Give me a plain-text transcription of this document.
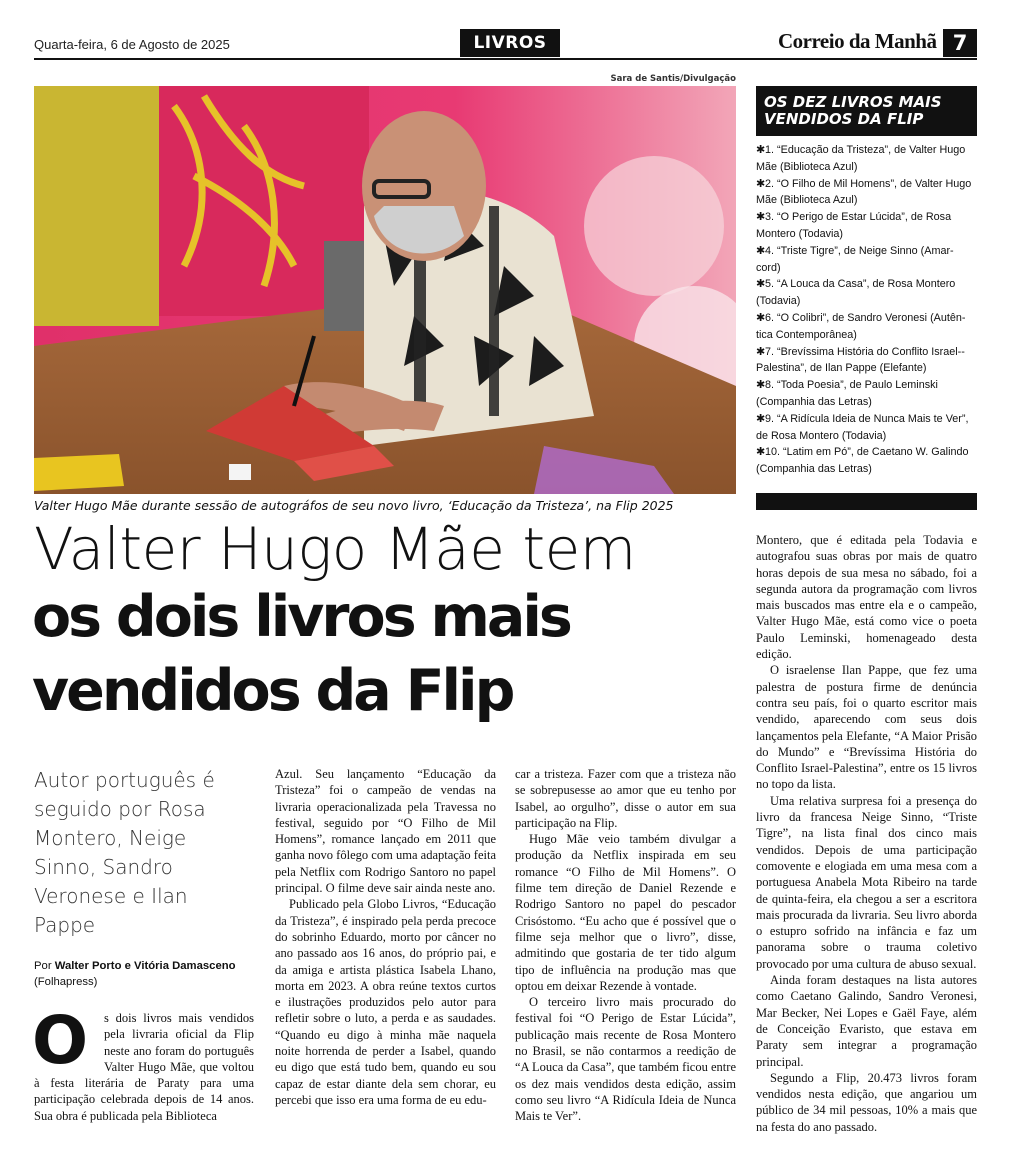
Quarta-feira, 6 de Agosto de 2025	LIVROS	Correio da Manhã 7
Sara de Santis/Divulgação
Valter Hugo Mãe durante sessão de autográfos de seu novo livro, ‘Educação da Tristeza’, na Flip 2025
OS DEZ LIVROS MAIS VENDIDOS DA FLIP
✱1. “Educação da Tristeza”, de Valter Hugo Mãe (Biblioteca Azul)
✱2. “O Filho de Mil Homens”, de Valter Hugo Mãe (Biblioteca Azul)
✱3. “O Perigo de Estar Lúcida”, de Rosa Montero (Todavia)
✱4. “Triste Tigre”, de Neige Sinno (Amar-cord)
✱5. “A Louca da Casa”, de Rosa Montero (Todavia)
✱6. “O Colibri”, de Sandro Veronesi (Autên-tica Contemporânea)
✱7. “Brevíssima História do Conflito Israel--Palestina”, de Ilan Pappe (Elefante)
✱8. “Toda Poesia”, de Paulo Leminski (Companhia das Letras)
✱9. “A Ridícula Ideia de Nunca Mais te Ver”, de Rosa Montero (Todavia)
✱10. “Latim em Pó”, de Caetano W. Galindo (Companhia das Letras)
Valter Hugo Mãe tem
os dois livros mais
vendidos da Flip
Autor português é seguido por Rosa Montero, Neige Sinno, Sandro Veronese e Ilan Pappe
Por Walter Porto e Vitória Damasceno (Folhapress)
O	s dois livros mais vendidos pela livraria oficial da Flip neste ano foram do português Valter Hugo Mãe, que voltou à festa literária de Paraty para uma participação celebrada depois de 14 anos. Sua obra é publicada pela Biblioteca

Azul. Seu lançamento “Educação da Tristeza” foi o campeão de vendas na livraria operacionalizada pela Travessa no festival, seguido por “O Filho de Mil Homens”, romance lançado em 2011 que ganha novo fôlego com uma adaptação feita pela Netflix com Rodrigo Santoro no papel principal. O filme deve sair ainda neste ano.

Publicado pela Globo Livros, “Educação da Tristeza”, é inspirado pela perda precoce do sobrinho Eduardo, morto por câncer no ano passado aos 16 anos, do próprio pai, e da amiga e artista plástica Isabela Lhano, morta em 2023. A obra reúne textos curtos e ilustrações produzidos pelo autor para refletir sobre o luto, a perda e as saudades. “Quando eu digo à minha mãe naquela noite horrenda de perder a Isabel, quando eu digo que está tudo bem, quando eu sou capaz de estar diante dela sem chorar, eu percebi que isso era uma forma de eu edu-

car a tristeza. Fazer com que a tristeza não se sobrepusesse ao amor que eu tenho por Isabel, ao orgulho”, disse o autor em sua participação na Flip.

Hugo Mãe veio também divulgar a produção da Netflix inspirada em seu romance “O Filho de Mil Homens”. O filme tem direção de Daniel Rezende e Rodrigo Santoro no papel do pescador Crisóstomo. “Eu acho que é possível que o filme seja melhor que o livro”, disse, admitindo que gostaria de ter tido algum tipo de influência na produção mas que optou em deixar Rezende à vontade.

O terceiro livro mais procurado do festival foi “O Perigo de Estar Lúcida”, publicação mais recente de Rosa Montero no Brasil, se não contarmos a reedição de “A Louca da Casa”, que também ficou entre os dez mais vendidos desta edição, assim como seu livro “A Ridícula Ideia de Nunca Mais te Ver”.

Montero, que é editada pela Todavia e autografou suas obras por mais de quatro horas depois de sua mesa no sábado, foi a segunda autora da programação com livros mais buscados mas entre ela e o campeão, Valter Hugo Mãe, está como vice o poeta Paulo Leminski, homenageado desta edição.

O israelense Ilan Pappe, que fez uma palestra de postura firme de denúncia contra seu país, foi o quarto escritor mais vendido, aparecendo com seus dois lançamentos pela Elefante, “A Maior Prisão do Mundo” e “Brevíssima História do Conflito Israel-Palestina”, entre os 15 livros no topo da lista.

Uma relativa surpresa foi a presença do livro da francesa Neige Sinno, “Triste Tigre”, na lista final dos cinco mais vendidos. Depois de uma participação comovente e elogiada em uma mesa com a portuguesa Anabela Mota Ribeiro na tarde de quinta-feira, ela chegou a ser a escritora mais procurada da livraria. Seu livro aborda o estupro sofrido na infância e faz um panorama sobre o trauma coletivo provocado por uma cultura de abuso sexual.

Ainda foram destaques na lista autores como Caetano Galindo, Sandro Veronesi, Mar Becker, Nei Lopes e Gaël Faye, além de Conceição Evaristo, que estava em Paraty sem integrar a programação principal.

Segundo a Flip, 20.473 livros foram vendidos nesta edição, que angariou um público de 34 mil pessoas, 10% a mais que na festa do ano passado.
